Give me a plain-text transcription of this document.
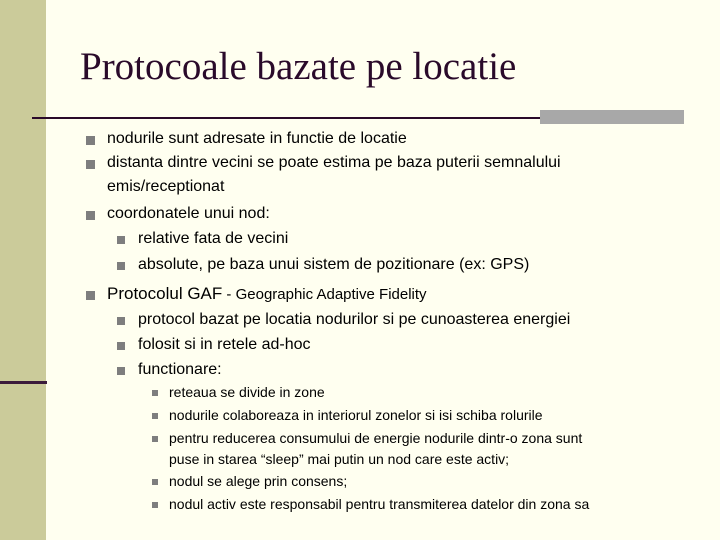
Protocoale bazate pe locatie
nodurile sunt adresate in functie de locatie
distanta dintre vecini se poate estima pe baza puterii semnalului
emis/receptionat
coordonatele unui nod:
relative fata de vecini
absolute, pe baza unui sistem de pozitionare (ex: GPS)
Protocolul GAF - Geographic Adaptive Fidelity
protocol bazat pe locatia nodurilor si pe cunoasterea energiei
folosit si in retele ad-hoc
functionare:
reteaua se divide in zone
nodurile colaboreaza in interiorul zonelor si isi schiba rolurile
pentru reducerea consumului de energie nodurile dintr-o zona sunt
puse in starea “sleep” mai putin un nod care este activ;
nodul se alege prin consens;
nodul activ este responsabil pentru transmiterea datelor din zona sa
